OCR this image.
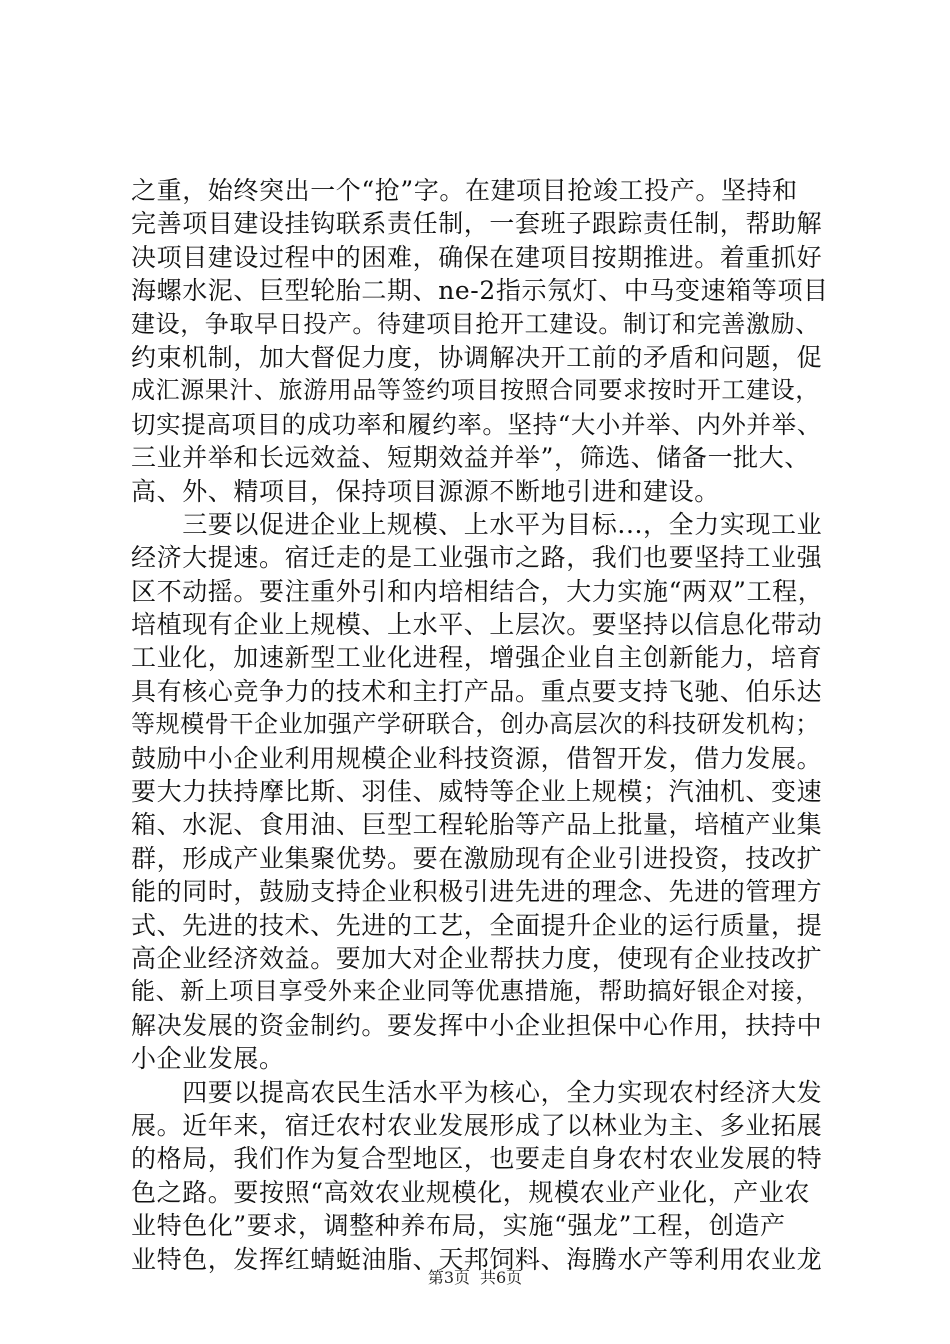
之重，始终突出一个“抢”字。在建项目抢竣工投产。坚持和
完善项目建设挂钩联系责任制，一套班子跟踪责任制，帮助解
决项目建设过程中的困难，确保在建项目按期推进。着重抓好
海螺水泥、巨型轮胎二期、ne-2指示氖灯、中马变速箱等项目
建设，争取早日投产。待建项目抢开工建设。制订和完善激励、
约束机制，加大督促力度，协调解决开工前的矛盾和问题，促
成汇源果汁、旅游用品等签约项目按照合同要求按时开工建设，
切实提高项目的成功率和履约率。坚持“大小并举、内外并举、
三业并举和长远效益、短期效益并举”，筛选、储备一批大、
高、外、精项目，保持项目源源不断地引进和建设。
　　三要以促进企业上规模、上水平为目标...，全力实现工业
经济大提速。宿迁走的是工业强市之路，我们也要坚持工业强
区不动摇。要注重外引和内培相结合，大力实施“两双”工程，
培植现有企业上规模、上水平、上层次。要坚持以信息化带动
工业化，加速新型工业化进程，增强企业自主创新能力，培育
具有核心竞争力的技术和主打产品。重点要支持飞驰、伯乐达
等规模骨干企业加强产学研联合，创办高层次的科技研发机构；
鼓励中小企业利用规模企业科技资源，借智开发，借力发展。
要大力扶持摩比斯、羽佳、威特等企业上规模；汽油机、变速
箱、水泥、食用油、巨型工程轮胎等产品上批量，培植产业集
群，形成产业集聚优势。要在激励现有企业引进投资，技改扩
能的同时，鼓励支持企业积极引进先进的理念、先进的管理方
式、先进的技术、先进的工艺，全面提升企业的运行质量，提
高企业经济效益。要加大对企业帮扶力度，使现有企业技改扩
能、新上项目享受外来企业同等优惠措施，帮助搞好银企对接，
解决发展的资金制约。要发挥中小企业担保中心作用，扶持中
小企业发展。
　　四要以提高农民生活水平为核心，全力实现农村经济大发
展。近年来，宿迁农村农业发展形成了以林业为主、多业拓展
的格局，我们作为复合型地区，也要走自身农村农业发展的特
色之路。要按照“高效农业规模化，规模农业产业化，产业农
业特色化”要求，调整种养布局，实施“强龙”工程，创造产
业特色，发挥红蜻蜓油脂、天邦饲料、海腾水产等利用农业龙
第3页 共6页
